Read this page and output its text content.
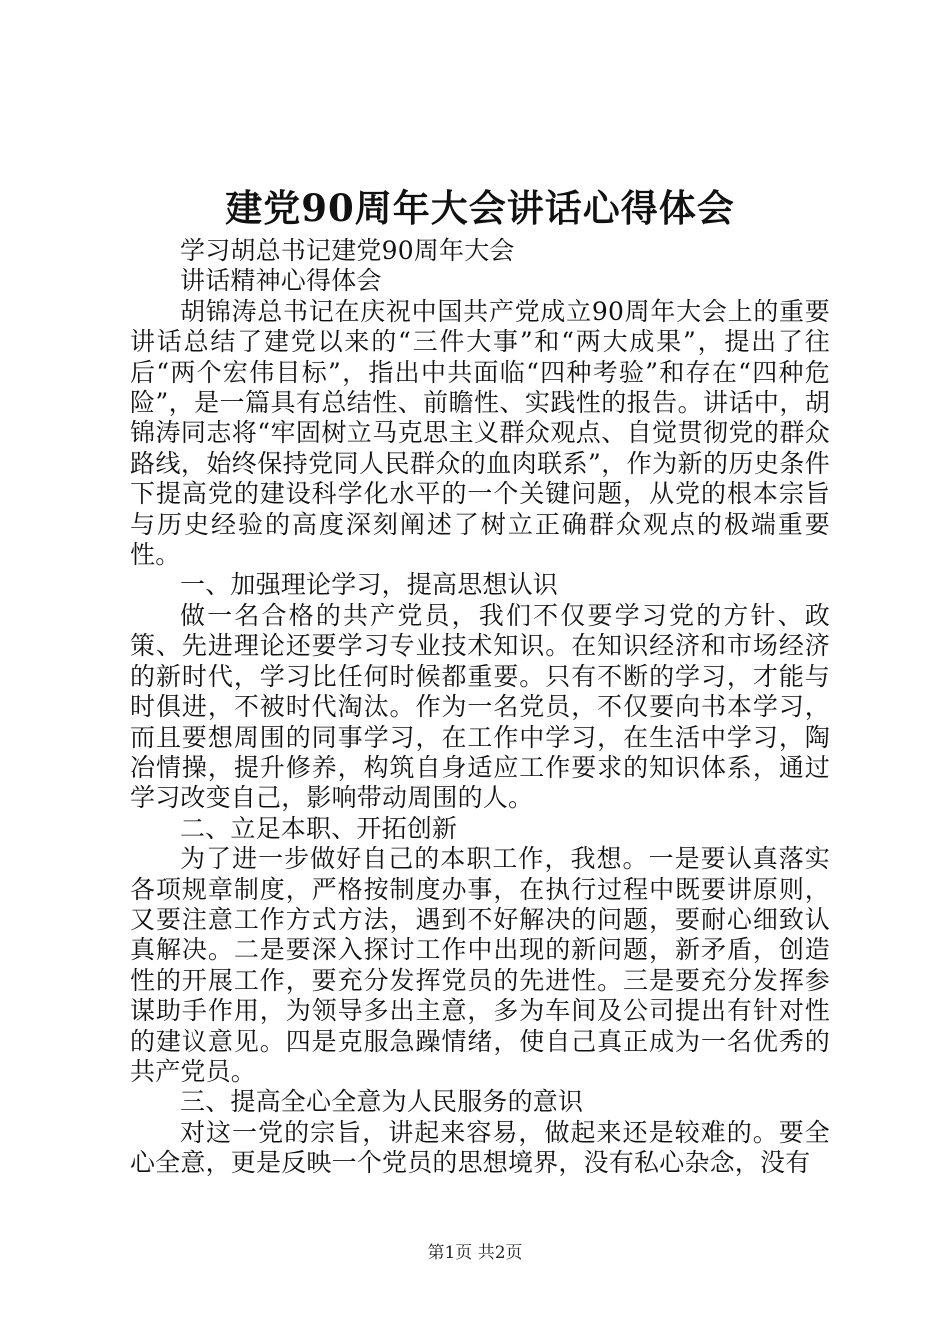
建党90周年大会讲话心得体会

学习胡总书记建党90周年大会

讲话精神心得体会

胡锦涛总书记在庆祝中国共产党成立90周年大会上的重要讲话总结了建党以来的“三件大事”和“两大成果”，提出了往后“两个宏伟目标”，指出中共面临“四种考验”和存在“四种危险”，是一篇具有总结性、前瞻性、实践性的报告。讲话中，胡锦涛同志将“牢固树立马克思主义群众观点、自觉贯彻党的群众路线，始终保持党同人民群众的血肉联系”，作为新的历史条件下提高党的建设科学化水平的一个关键问题，从党的根本宗旨与历史经验的高度深刻阐述了树立正确群众观点的极端重要性。

一、加强理论学习，提高思想认识

做一名合格的共产党员，我们不仅要学习党的方针、政策、先进理论还要学习专业技术知识。在知识经济和市场经济的新时代，学习比任何时候都重要。只有不断的学习，才能与时俱进，不被时代淘汰。作为一名党员，不仅要向书本学习，而且要想周围的同事学习，在工作中学习，在生活中学习，陶冶情操，提升修养，构筑自身适应工作要求的知识体系，通过学习改变自己，影响带动周围的人。

二、立足本职、开拓创新

为了进一步做好自己的本职工作，我想。一是要认真落实各项规章制度，严格按制度办事，在执行过程中既要讲原则，又要注意工作方式方法，遇到不好解决的问题，要耐心细致认真解决。二是要深入探讨工作中出现的新问题，新矛盾，创造性的开展工作，要充分发挥党员的先进性。三是要充分发挥参谋助手作用，为领导多出主意，多为车间及公司提出有针对性的建议意见。四是克服急躁情绪，使自己真正成为一名优秀的共产党员。

三、提高全心全意为人民服务的意识

对这一党的宗旨，讲起来容易，做起来还是较难的。要全心全意，更是反映一个党员的思想境界，没有私心杂念，没有

第1页 共2页
